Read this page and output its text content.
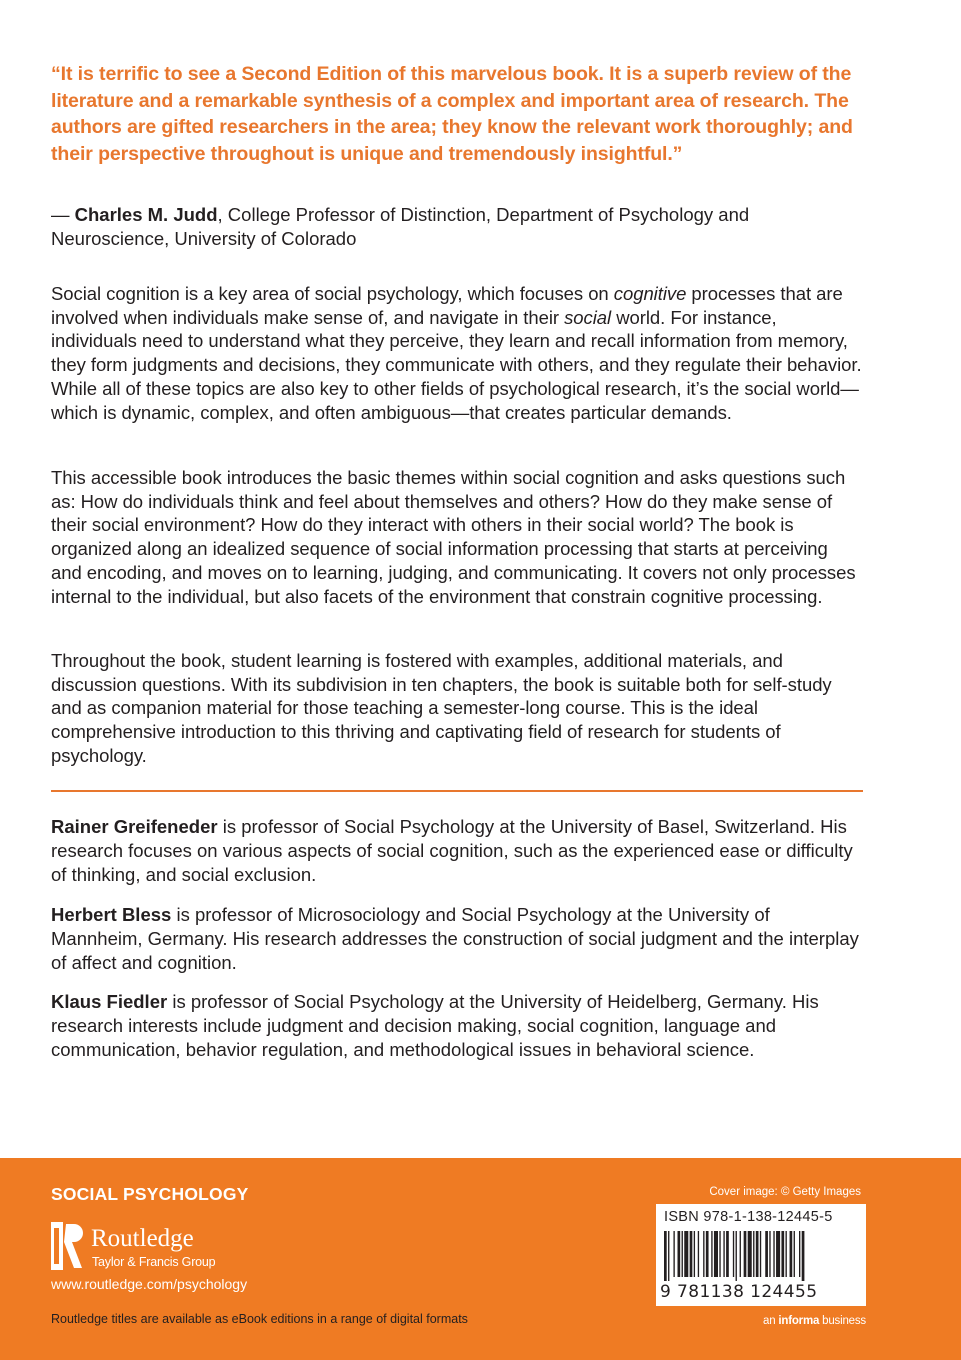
“It is terrific to see a Second Edition of this marvelous book. It is a superb review of the literature and a remarkable synthesis of a complex and important area of research. The authors are gifted researchers in the area; they know the relevant work thoroughly; and their perspective throughout is unique and tremendously insightful.”

— Charles M. Judd, College Professor of Distinction, Department of Psychology and Neuroscience, University of Colorado

Social cognition is a key area of social psychology, which focuses on cognitive processes that are involved when individuals make sense of, and navigate in their social world. For instance, individuals need to understand what they perceive, they learn and recall information from memory, they form judgments and decisions, they communicate with others, and they regulate their behavior. While all of these topics are also key to other fields of psychological research, it’s the social world—which is dynamic, complex, and often ambiguous—that creates particular demands.

This accessible book introduces the basic themes within social cognition and asks questions such as: How do individuals think and feel about themselves and others? How do they make sense of their social environment? How do they interact with others in their social world? The book is organized along an idealized sequence of social information processing that starts at perceiving and encoding, and moves on to learning, judging, and communicating. It covers not only processes internal to the individual, but also facets of the environment that constrain cognitive processing.

Throughout the book, student learning is fostered with examples, additional materials, and discussion questions. With its subdivision in ten chapters, the book is suitable both for self-study and as companion material for those teaching a semester-long course. This is the ideal comprehensive introduction to this thriving and captivating field of research for students of psychology.

Rainer Greifeneder is professor of Social Psychology at the University of Basel, Switzerland. His research focuses on various aspects of social cognition, such as the experienced ease or difficulty of thinking, and social exclusion.

Herbert Bless is professor of Microsociology and Social Psychology at the University of Mannheim, Germany. His research addresses the construction of social judgment and the interplay of affect and cognition.

Klaus Fiedler is professor of Social Psychology at the University of Heidelberg, Germany. His research interests include judgment and decision making, social cognition, language and communication, behavior regulation, and methodological issues in behavioral science.

SOCIAL PSYCHOLOGY
Routledge
Taylor & Francis Group
www.routledge.com/psychology
Routledge titles are available as eBook editions in a range of digital formats
Cover image: © Getty Images
ISBN 978-1-138-12445-5
9 781138 124455
an informa business
